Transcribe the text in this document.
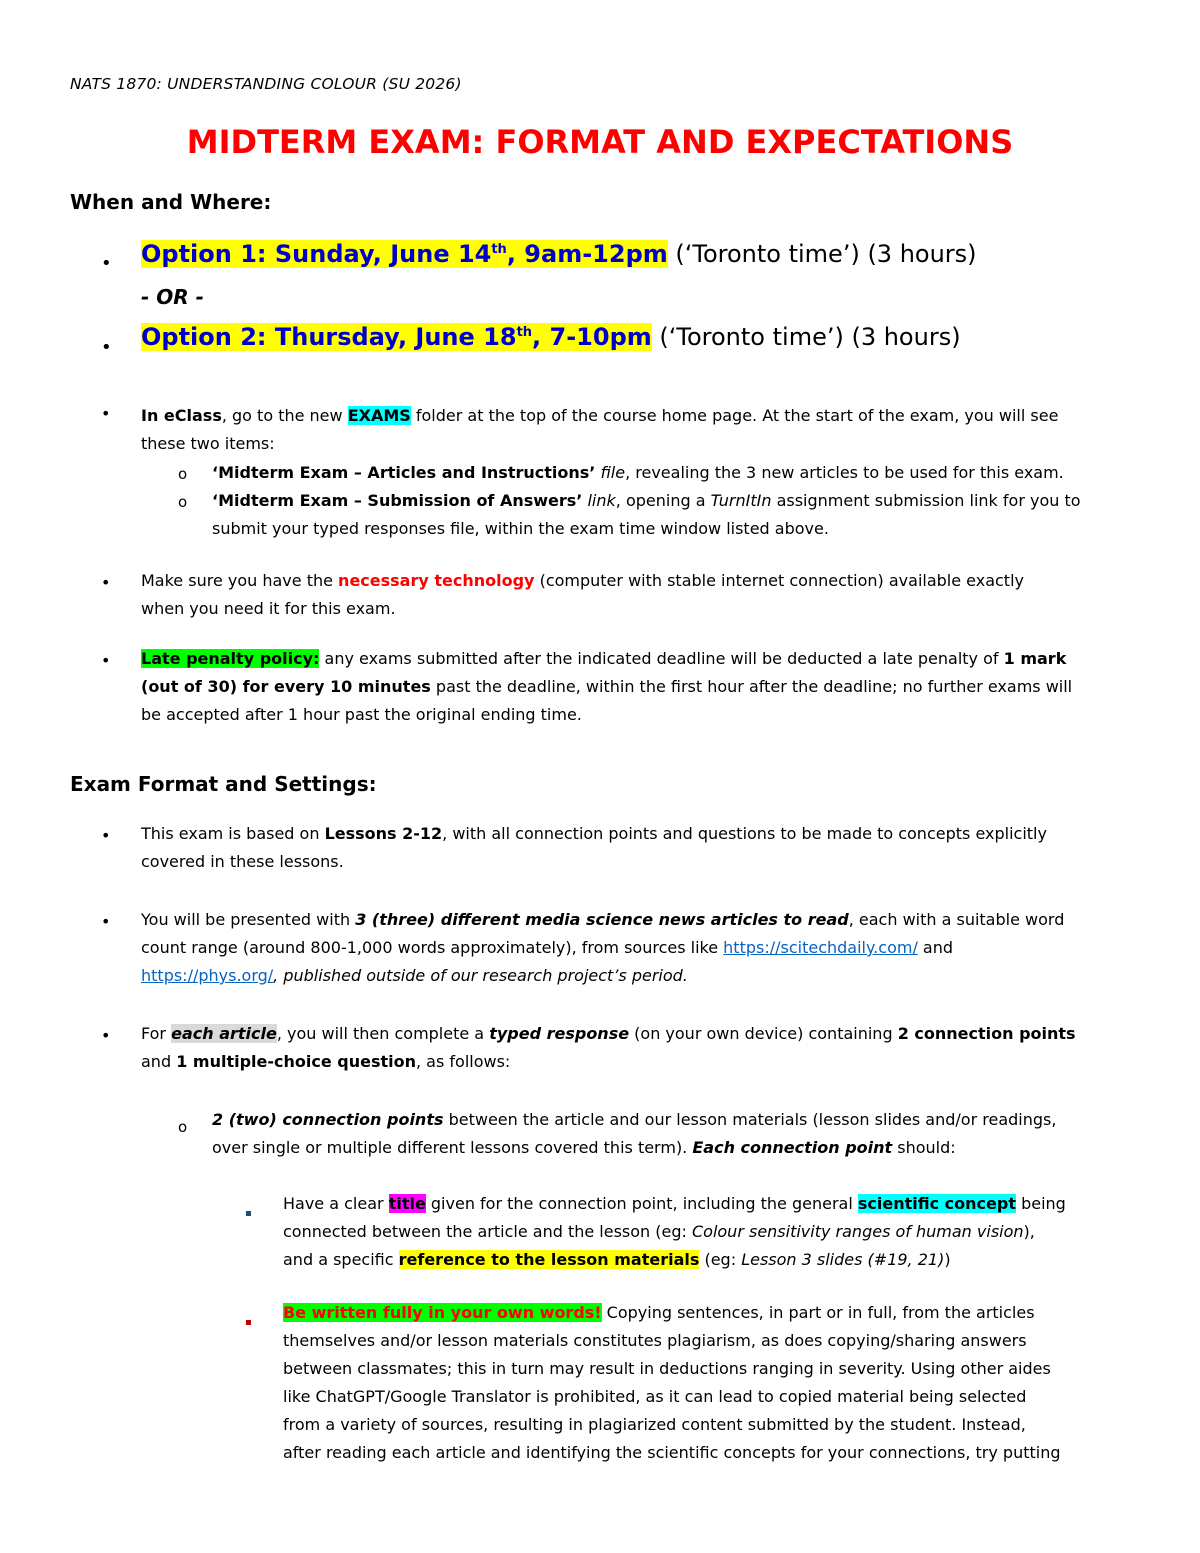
NATS 1870: UNDERSTANDING COLOUR (SU 2026)
MIDTERM EXAM: FORMAT AND EXPECTATIONS
When and Where:
• Option 1: Sunday, June 14th, 9am-12pm (‘Toronto time’) (3 hours)
- OR -
• Option 2: Thursday, June 18th, 7-10pm (‘Toronto time’) (3 hours)
• In eClass, go to the new EXAMS folder at the top of the course home page. At the start of the exam, you will see
these two items:
o ‘Midterm Exam – Articles and Instructions’ file, revealing the 3 new articles to be used for this exam.
o ‘Midterm Exam – Submission of Answers’ link, opening a TurnItIn assignment submission link for you to
submit your typed responses file, within the exam time window listed above.
• Make sure you have the necessary technology (computer with stable internet connection) available exactly
when you need it for this exam.
• Late penalty policy: any exams submitted after the indicated deadline will be deducted a late penalty of 1 mark
(out of 30) for every 10 minutes past the deadline, within the first hour after the deadline; no further exams will
be accepted after 1 hour past the original ending time.
Exam Format and Settings:
• This exam is based on Lessons 2-12, with all connection points and questions to be made to concepts explicitly
covered in these lessons.
• You will be presented with 3 (three) different media science news articles to read, each with a suitable word
count range (around 800-1,000 words approximately), from sources like https://scitechdaily.com/ and
https://phys.org/, published outside of our research project’s period.
• For each article, you will then complete a typed response (on your own device) containing 2 connection points
and 1 multiple-choice question, as follows:
o 2 (two) connection points between the article and our lesson materials (lesson slides and/or readings,
over single or multiple different lessons covered this term). Each connection point should:
Have a clear title given for the connection point, including the general scientific concept being
connected between the article and the lesson (eg: Colour sensitivity ranges of human vision),
and a specific reference to the lesson materials (eg: Lesson 3 slides (#19, 21))
Be written fully in your own words! Copying sentences, in part or in full, from the articles
themselves and/or lesson materials constitutes plagiarism, as does copying/sharing answers
between classmates; this in turn may result in deductions ranging in severity. Using other aides
like ChatGPT/Google Translator is prohibited, as it can lead to copied material being selected
from a variety of sources, resulting in plagiarized content submitted by the student. Instead,
after reading each article and identifying the scientific concepts for your connections, try putting
